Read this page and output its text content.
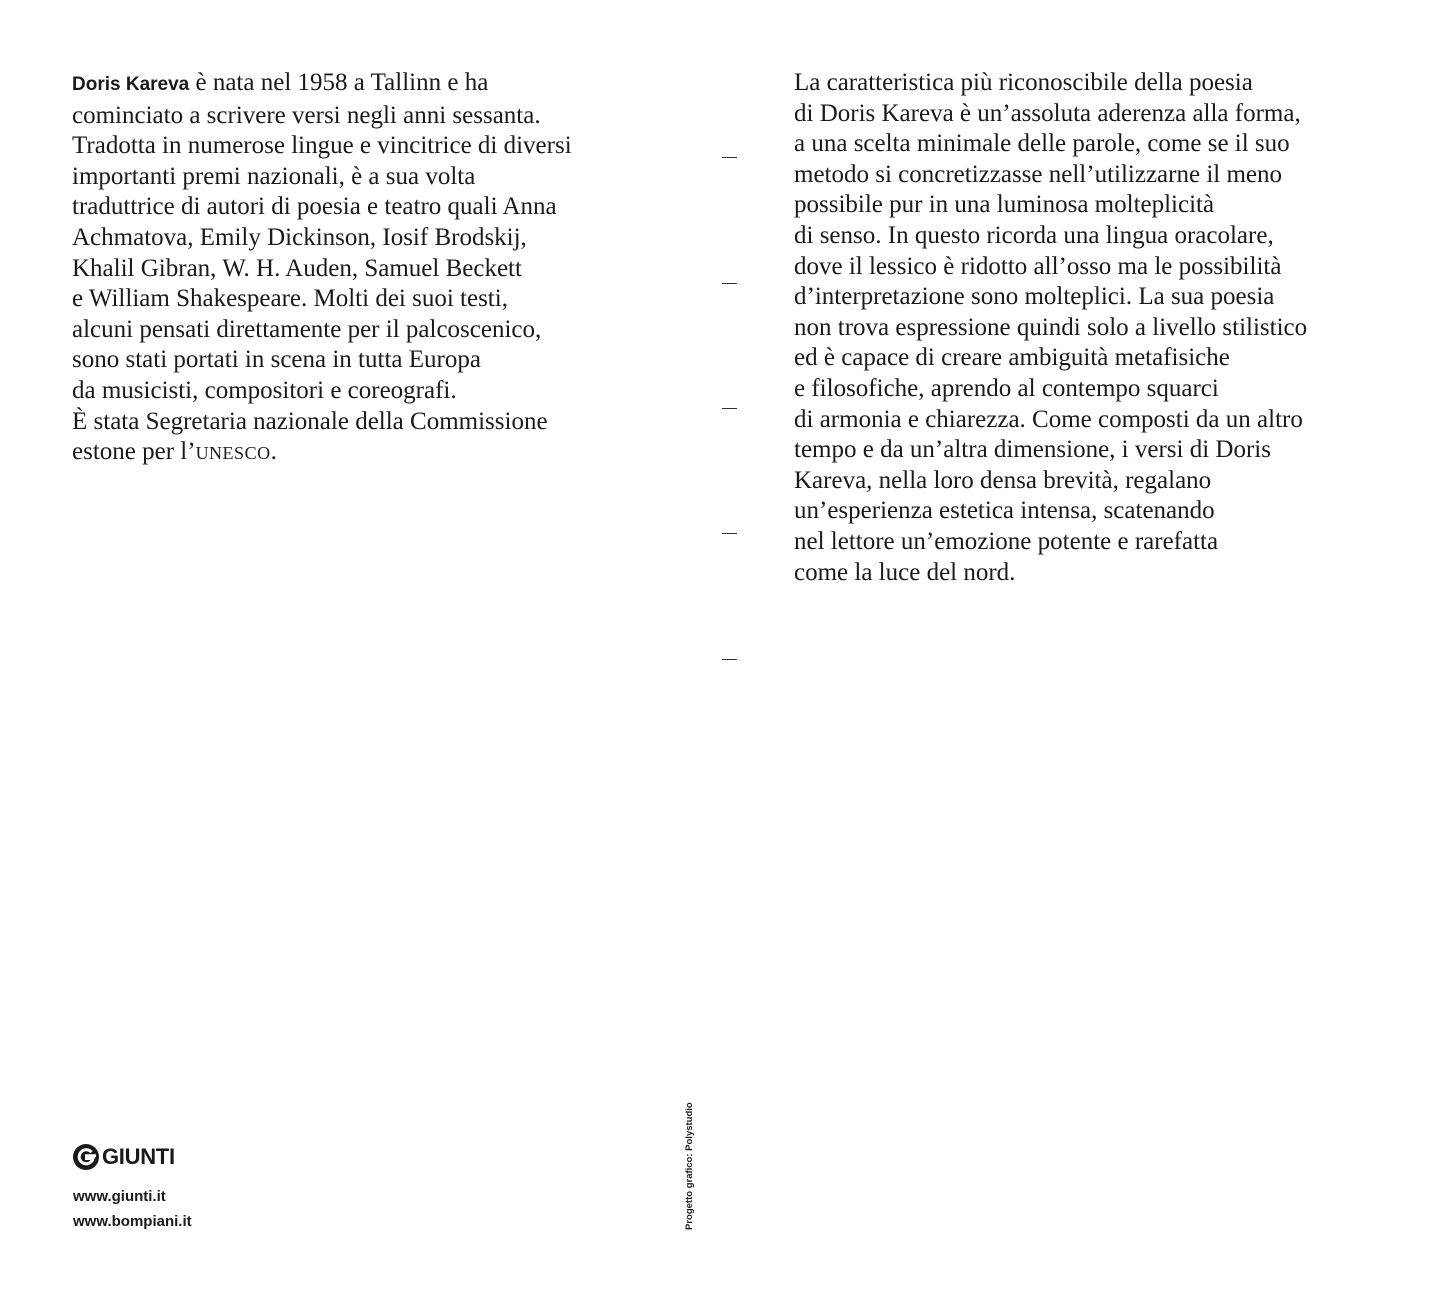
Doris Kareva è nata nel 1958 a Tallinn e ha
cominciato a scrivere versi negli anni sessanta.
Tradotta in numerose lingue e vincitrice di diversi
importanti premi nazionali, è a sua volta
traduttrice di autori di poesia e teatro quali Anna
Achmatova, Emily Dickinson, Iosif Brodskij,
Khalil Gibran, W. H. Auden, Samuel Beckett
e William Shakespeare. Molti dei suoi testi,
alcuni pensati direttamente per il palcoscenico,
sono stati portati in scena in tutta Europa
da musicisti, compositori e coreografi.
È stata Segretaria nazionale della Commissione
estone per l’unesco.
La caratteristica più riconoscibile della poesia
di Doris Kareva è un’assoluta aderenza alla forma,
a una scelta minimale delle parole, come se il suo
metodo si concretizzasse nell’utilizzarne il meno
possibile pur in una luminosa molteplicità
di senso. In questo ricorda una lingua oracolare,
dove il lessico è ridotto all’osso ma le possibilità
d’interpretazione sono molteplici. La sua poesia
non trova espressione quindi solo a livello stilistico
ed è capace di creare ambiguità metafisiche
e filosofiche, aprendo al contempo squarci
di armonia e chiarezza. Come composti da un altro
tempo e da un’altra dimensione, i versi di Doris
Kareva, nella loro densa brevità, regalano
un’esperienza estetica intensa, scatenando
nel lettore un’emozione potente e rarefatta
come la luce del nord.
GIUNTI
www.giunti.it
www.bompiani.it	Progetto grafico: Polystudio
